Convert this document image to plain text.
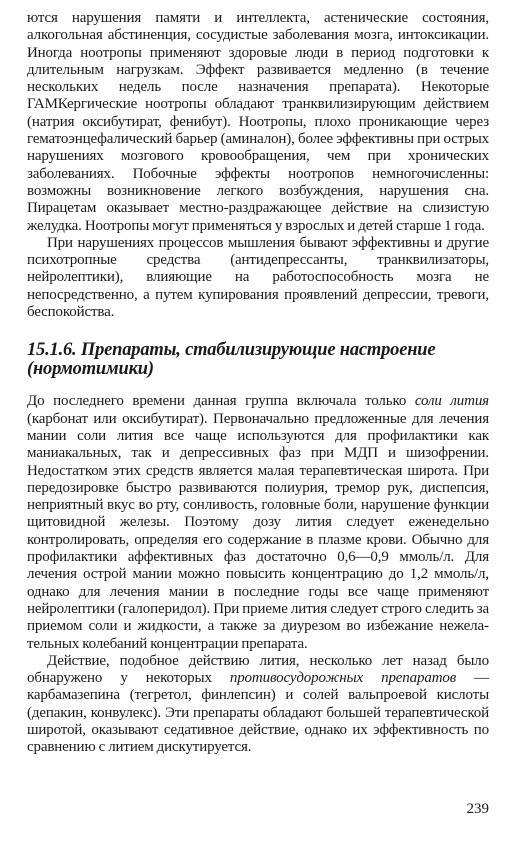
ются нарушения памяти и интеллекта, астенические состояния, алкогольная абстиненция, сосудистые заболевания мозга, интоксикации. Иногда ноотропы применяют здоровые люди в период подготовки к длительным нагрузкам. Эффект развивается медленно (в течение нескольких недель после назначения препарата). Некоторые ГАМКергические ноотропы обладают транквилизирующим действием (натрия оксибутират, фенибут). Ноотропы, плохо проникающие через гематоэнцефалический барьер (аминалон), более эффективны при острых нарушениях мозгового кровообращения, чем при хронических заболеваниях. Побочные эффекты ноотропов немногочисленны: возможны возникновение легкого возбуждения, нарушения сна. Пирацетам оказывает местно-раздражающее действие на слизистую желудка. Ноотропы могут применяться у взрослых и детей старше 1 года.

При нарушениях процессов мышления бывают эффективны и другие психотропные средства (антидепрессанты, транквилизаторы, нейролептики), влияющие на работоспособность мозга не непосредственно, а путем купирования проявлений депрессии, тревоги, беспокойства.

15.1.6. Препараты, стабилизирующие настроение (нормотимики)

До последнего времени данная группа включала только соли лития (карбонат или оксибутират). Первоначально предложенные для лечения мании соли лития все чаще используются для профилактики как маниакальных, так и депрессивных фаз при МДП и шизофрении. Недостатком этих средств является малая терапевтическая широта. При передозировке быстро развиваются полиурия, тремор рук, диспепсия, неприятный вкус во рту, сонливость, головные боли, нарушение функции щитовидной железы. Поэтому дозу лития следует еженедельно контролировать, определяя его содержание в плазме крови. Обычно для профилактики аффективных фаз достаточно 0,6—0,9 ммоль/л. Для лечения острой мании можно повысить концентрацию до 1,2 ммоль/л, однако для лечения мании в последние годы все чаще применяют нейролептики (галоперидол). При приеме лития следует строго следить за приемом соли и жидкости, а также за диурезом во избежание нежелательных колебаний концентрации препарата.

Действие, подобное действию лития, несколько лет назад было обнаружено у некоторых противосудорожных препаратов — карбамазепина (тегретол, финлепсин) и солей вальпроевой кислоты (депакин, конвулекс). Эти препараты обладают большей терапевтической широтой, оказывают седативное действие, однако их эффективность по сравнению с литием дискутируется.

239
